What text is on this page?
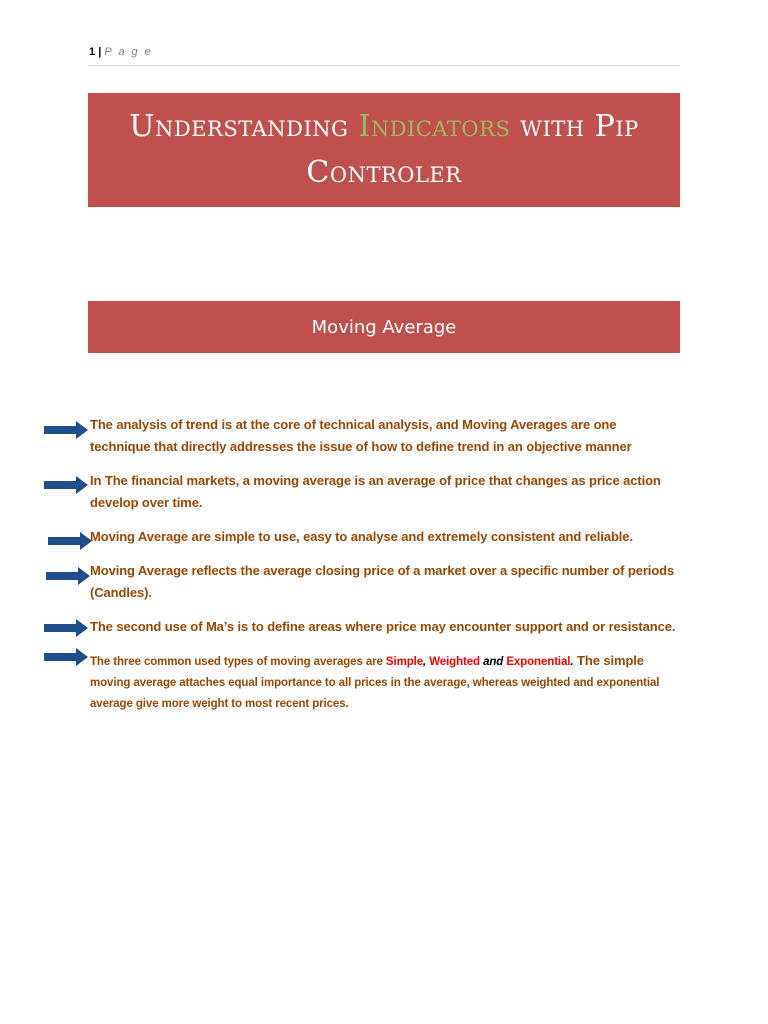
1 | P a g e
Understanding Indicators with Pip
Controler
Moving Average
The analysis of trend is at the core of technical analysis, and Moving Averages are one technique that directly addresses the issue of how to define trend in an objective manner
In The financial markets, a moving average is an average of price that changes as price action develop over time.
Moving Average are simple to use, easy to analyse and extremely consistent and reliable.
Moving Average reflects the average closing price of a market over a specific number of periods (Candles).
The second use of Ma’s is to define areas where price may encounter support and or resistance.
The three common used types of moving averages are Simple, Weighted and Exponential. The simple moving average attaches equal importance to all prices in the average, whereas weighted and exponential average give more weight to most recent prices.
